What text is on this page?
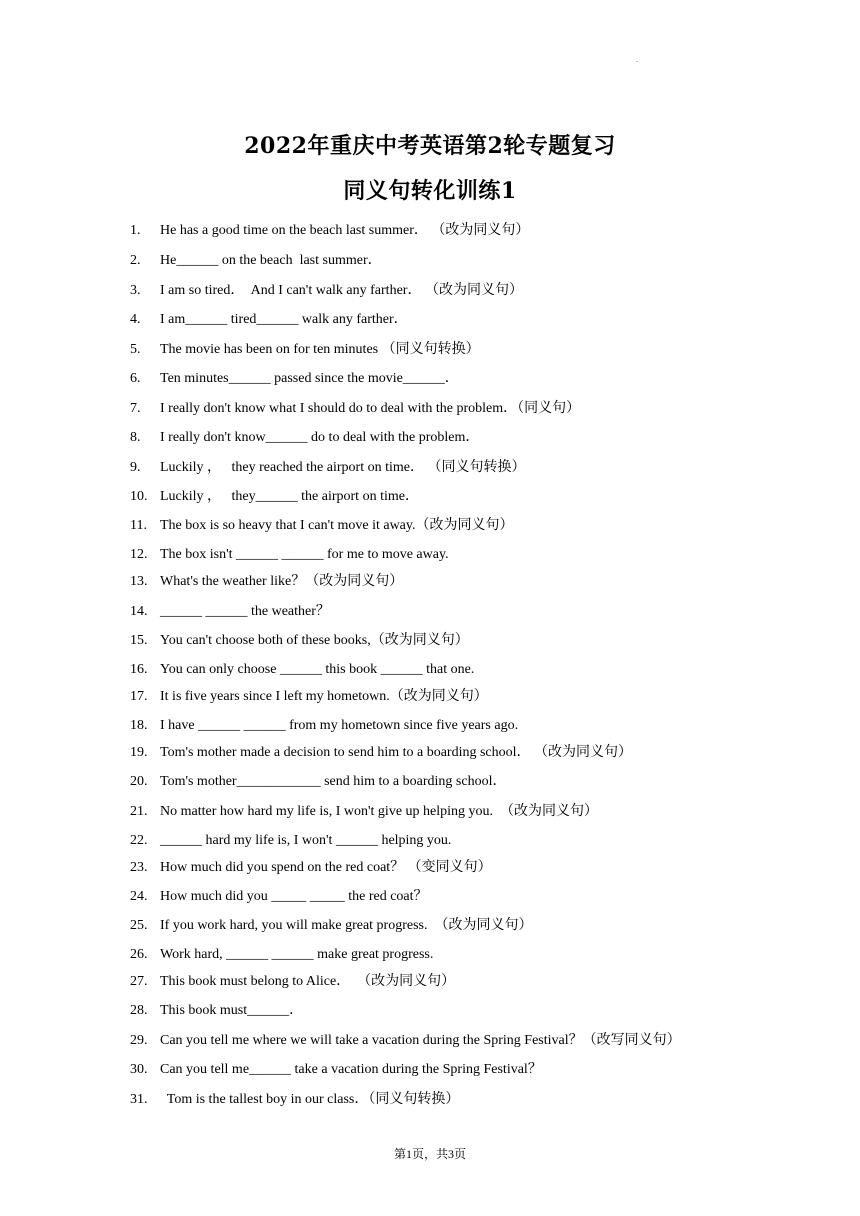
.
2022年重庆中考英语第2轮专题复习
同义句转化训练1
1. He has a good time on the beach last summer． （改为同义句）
2. He______ on the beach  last summer．
3. I am so tired．  And I can't walk any farther． （改为同义句）
4. I am______ tired______ walk any farther．
5. The movie has been on for ten minutes （同义句转换）
6. Ten minutes______ passed since the movie______．
7. I really don't know what I should do to deal with the problem．（同义句）
8. I really don't know______ do to deal with the problem．
9. Luckily ，   they reached the airport on time． （同义句转换）
10. Luckily ，   they______ the airport on time．
11. The box is so heavy that I can't move it away.（改为同义句）
12. The box isn't ______ ______ for me to move away.
13. What's the weather like？（改为同义句）
14. ______ ______ the weather？
15. You can't choose both of these books,（改为同义句）
16. You can only choose ______ this book ______ that one.
17. It is five years since I left my hometown.（改为同义句）
18. I have ______ ______ from my hometown since five years ago.
19. Tom's mother made a decision to send him to a boarding school． （改为同义句）
20. Tom's mother____________ send him to a boarding school．
21. No matter how hard my life is, I won't give up helping you.  （改为同义句）
22. ______ hard my life is, I won't ______ helping you.
23. How much did you spend on the red coat？ （变同义句）
24. How much did you _____ _____ the red coat？
25. If you work hard, you will make great progress.  （改为同义句）
26. Work hard, ______ ______ make great progress.
27. This book must belong to Alice．  （改为同义句）
28. This book must______．
29. Can you tell me where we will take a vacation during the Spring Festival？（改写同义句）
30. Can you tell me______ take a vacation during the Spring Festival？
31. Tom is the tallest boy in our class．（同义句转换）
第1页，共3页
